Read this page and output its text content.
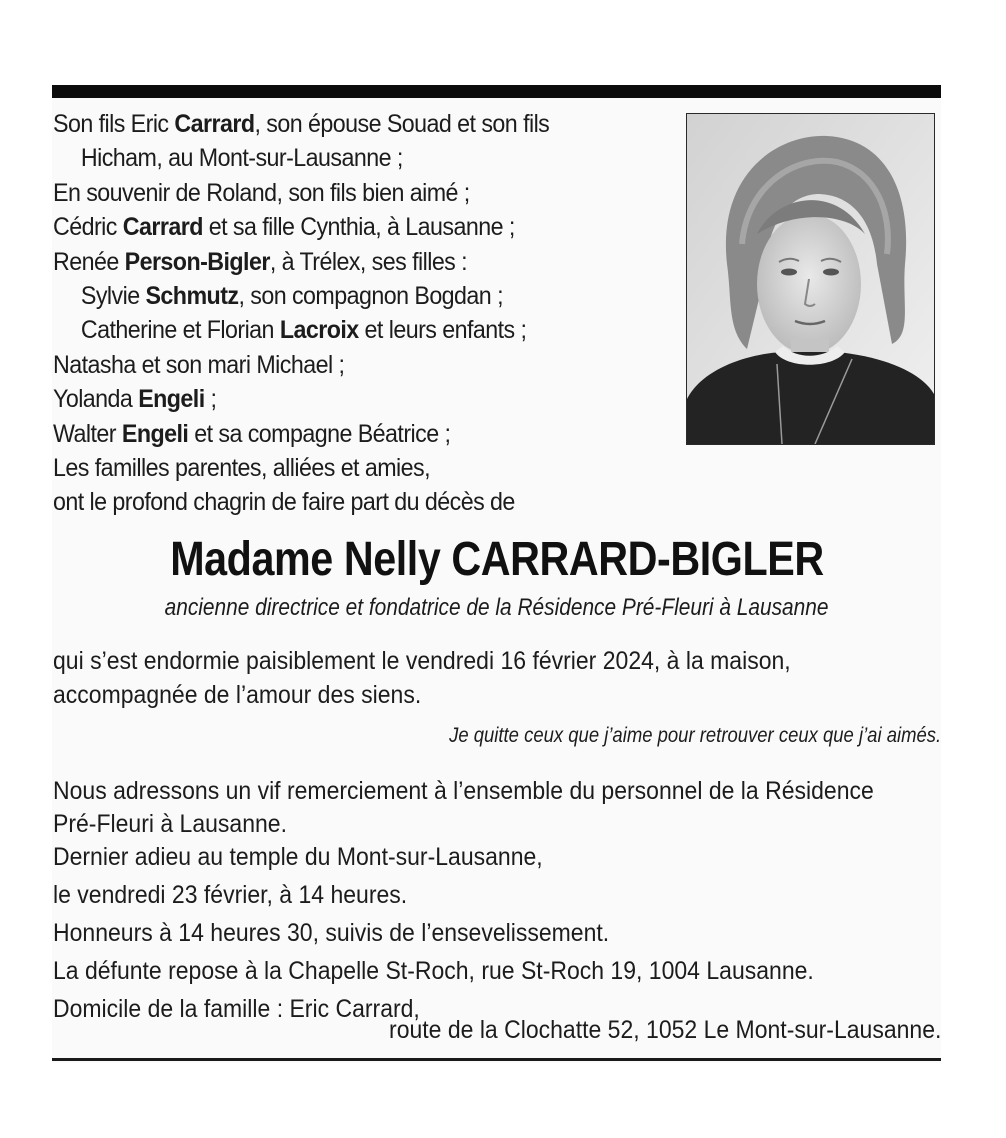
Son fils Eric Carrard, son épouse Souad et son fils
Hicham, au Mont-sur-Lausanne ;
En souvenir de Roland, son fils bien aimé ;
Cédric Carrard et sa fille Cynthia, à Lausanne ;
Renée Person-Bigler, à Trélex, ses filles :
Sylvie Schmutz, son compagnon Bogdan ;
Catherine et Florian Lacroix et leurs enfants ;
Natasha et son mari Michael ;
Yolanda Engeli ;
Walter Engeli et sa compagne Béatrice ;
Les familles parentes, alliées et amies,
ont le profond chagrin de faire part du décès de
Madame Nelly CARRARD-BIGLER
ancienne directrice et fondatrice de la Résidence Pré-Fleuri à Lausanne
qui s’est endormie paisiblement le vendredi 16 février 2024, à la maison,
accompagnée de l’amour des siens.
Je quitte ceux que j’aime pour retrouver ceux que j’ai aimés.
Nous adressons un vif remerciement à l’ensemble du personnel de la Résidence
Pré-Fleuri à Lausanne.
Dernier adieu au temple du Mont-sur-Lausanne,
le vendredi 23 février, à 14 heures.
Honneurs à 14 heures 30, suivis de l’ensevelissement.
La défunte repose à la Chapelle St-Roch, rue St-Roch 19, 1004 Lausanne.
Domicile de la famille : Eric Carrard,
route de la Clochatte 52, 1052 Le Mont-sur-Lausanne.
